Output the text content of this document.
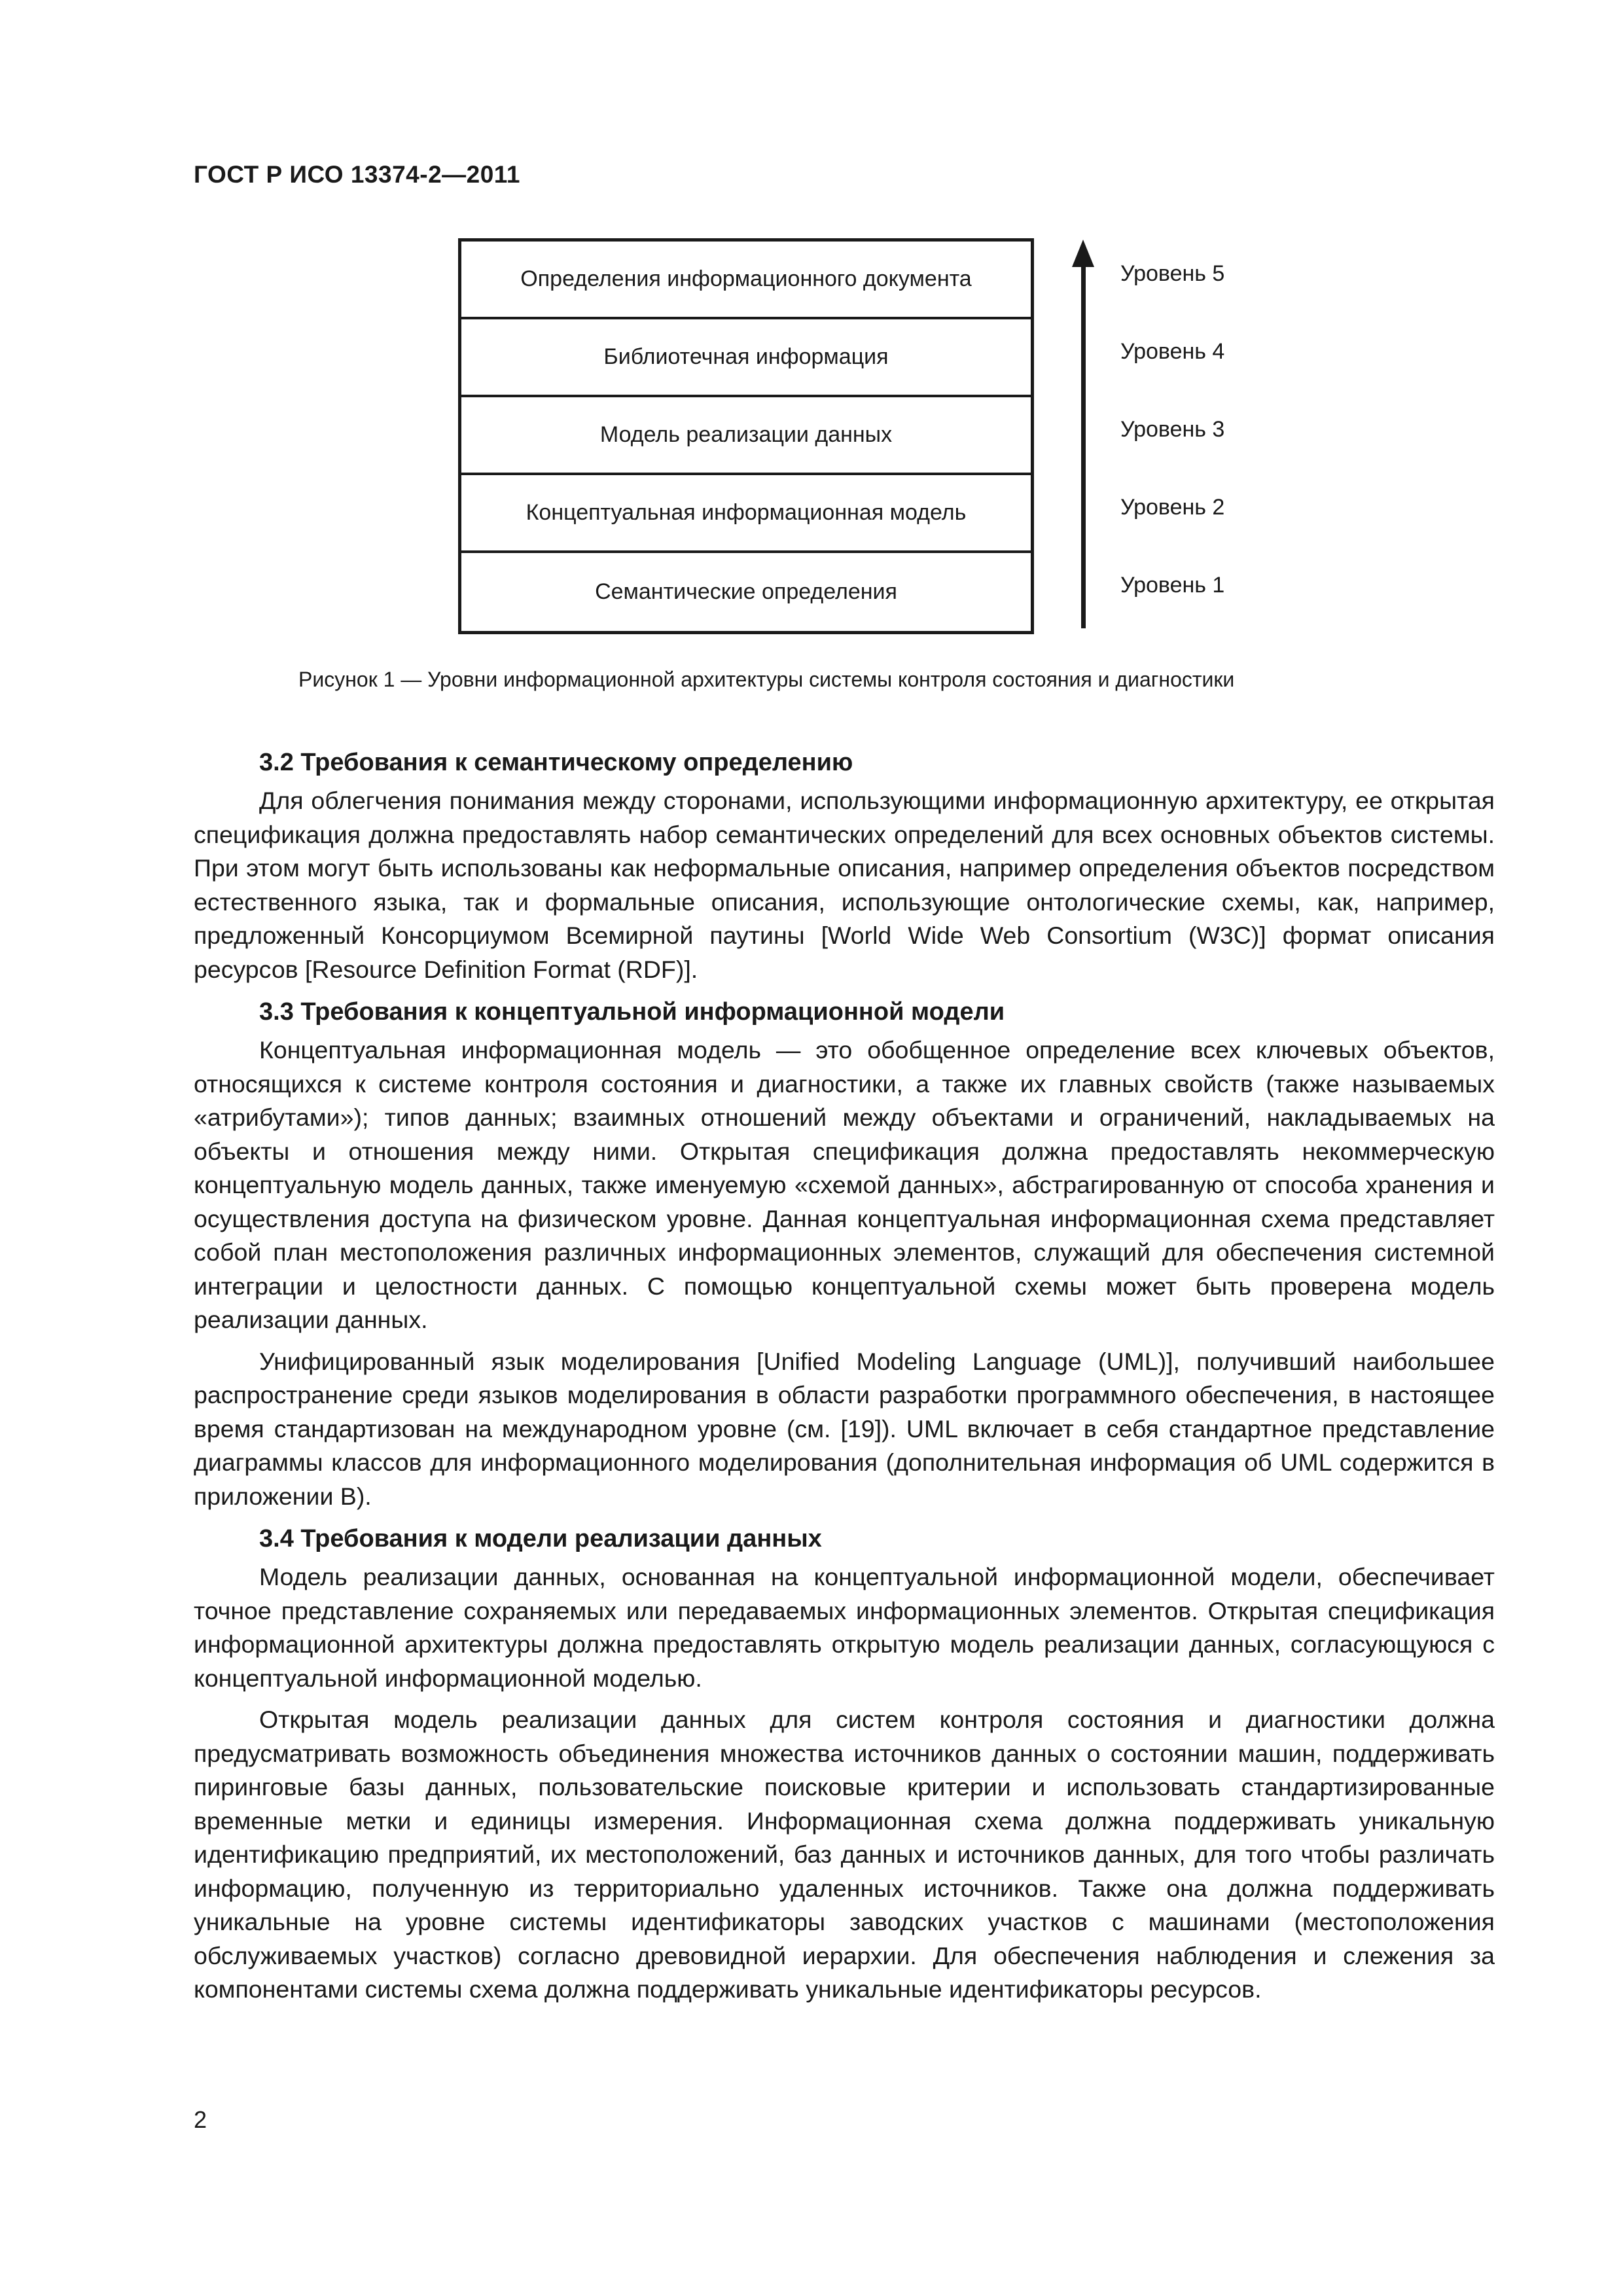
ГОСТ Р ИСО 13374-2—2011
Определения информационного документа
Библиотечная информация
Модель реализации данных
Концептуальная информационная модель
Семантические определения
Уровень 5
Уровень 4
Уровень 3
Уровень 2
Уровень 1
Рисунок 1 — Уровни информационной архитектуры системы контроля состояния и диагностики
3.2 Требования к семантическому определению

Для облегчения понимания между сторонами, использующими информационную архитектуру, ее открытая спецификация должна предоставлять набор семантических определений для всех основных объектов системы. При этом могут быть использованы как неформальные описания, например определения объектов посредством естественного языка, так и формальные описания, использующие онтологические схемы, как, например, предложенный Консорциумом Всемирной паутины [World Wide Web Consortium (W3C)] формат описания ресурсов [Resource Definition Format (RDF)].

3.3 Требования к концептуальной информационной модели

Концептуальная информационная модель — это обобщенное определение всех ключевых объектов, относящихся к системе контроля состояния и диагностики, а также их главных свойств (также называемых «атрибутами»); типов данных; взаимных отношений между объектами и ограничений, накладываемых на объекты и отношения между ними. Открытая спецификация должна предоставлять некоммерческую концептуальную модель данных, также именуемую «схемой данных», абстрагированную от способа хранения и осуществления доступа на физическом уровне. Данная концептуальная информационная схема представляет собой план местоположения различных информационных элементов, служащий для обеспечения системной интеграции и целостности данных. С помощью концептуальной схемы может быть проверена модель реализации данных.

Унифицированный язык моделирования [Unified Modeling Language (UML)], получивший наибольшее распространение среди языков моделирования в области разработки программного обеспечения, в настоящее время стандартизован на международном уровне (см. [19]). UML включает в себя стандартное представление диаграммы классов для информационного моделирования (дополнительная информация об UML содержится в приложении B).

3.4 Требования к модели реализации данных

Модель реализации данных, основанная на концептуальной информационной модели, обеспечивает точное представление сохраняемых или передаваемых информационных элементов. Открытая спецификация информационной архитектуры должна предоставлять открытую модель реализации данных, согласующуюся с концептуальной информационной моделью.

Открытая модель реализации данных для систем контроля состояния и диагностики должна предусматривать возможность объединения множества источников данных о состоянии машин, поддерживать пиринговые базы данных, пользовательские поисковые критерии и использовать стандартизированные временные метки и единицы измерения. Информационная схема должна поддерживать уникальную идентификацию предприятий, их местоположений, баз данных и источников данных, для того чтобы различать информацию, полученную из территориально удаленных источников. Также она должна поддерживать уникальные на уровне системы идентификаторы заводских участков с машинами (местоположения обслуживаемых участков) согласно древовидной иерархии. Для обеспечения наблюдения и слежения за компонентами системы схема должна поддерживать уникальные идентификаторы ресурсов.

2
